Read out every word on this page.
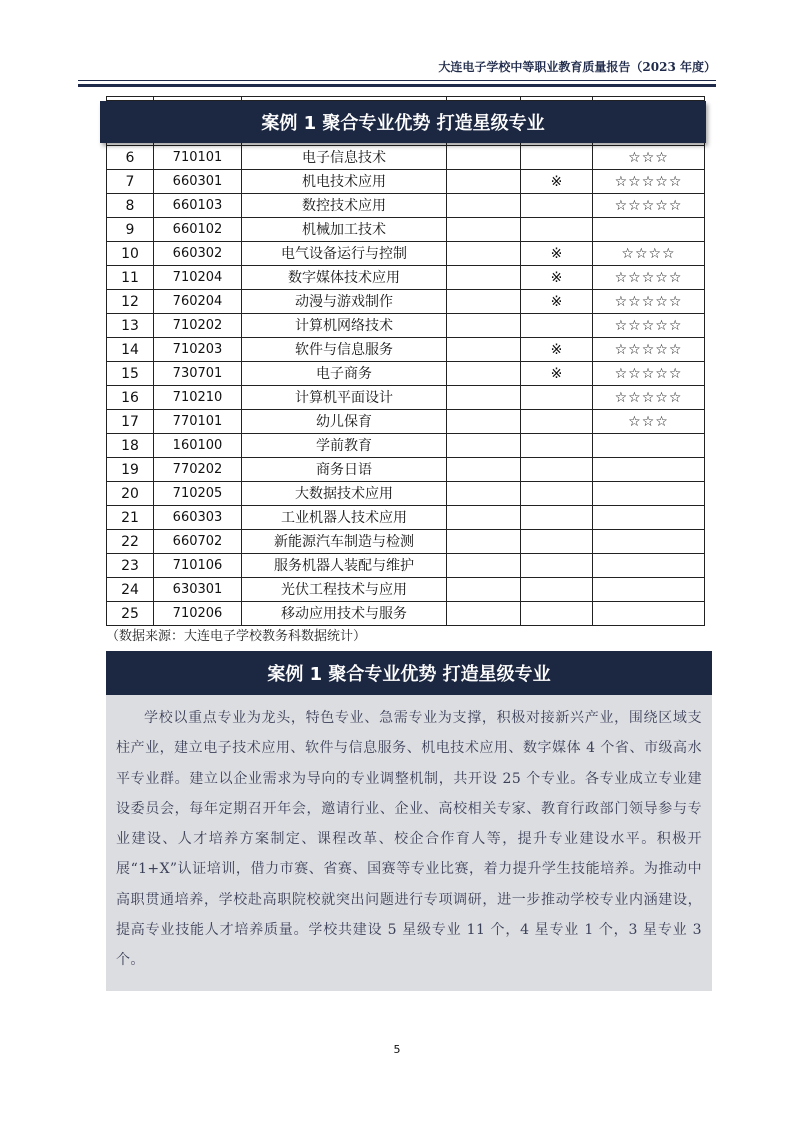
大连电子学校中等职业教育质量报告（2023 年度）

6	710101	电子信息技术			☆☆☆
7	660301	机电技术应用		※	☆☆☆☆☆
8	660103	数控技术应用			☆☆☆☆☆
9	660102	机械加工技术			
10	660302	电气设备运行与控制		※	☆☆☆☆
11	710204	数字媒体技术应用		※	☆☆☆☆☆
12	760204	动漫与游戏制作		※	☆☆☆☆☆
13	710202	计算机网络技术			☆☆☆☆☆
14	710203	软件与信息服务		※	☆☆☆☆☆
15	730701	电子商务		※	☆☆☆☆☆
16	710210	计算机平面设计			☆☆☆☆☆
17	770101	幼儿保育			☆☆☆
18	160100	学前教育			
19	770202	商务日语			
20	710205	大数据技术应用			
21	660303	工业机器人技术应用			
22	660702	新能源汽车制造与检测			
23	710106	服务机器人装配与维护			
24	630301	光伏工程技术与应用			
25	710206	移动应用技术与服务			
案例 1 聚合专业优势 打造星级专业
（数据来源：大连电子学校教务科数据统计）
案例 1 聚合专业优势 打造星级专业
学校以重点专业为龙头，特色专业、急需专业为支撑，积极对接新兴产业，围绕区域支柱产业，建立电子技术应用、软件与信息服务、机电技术应用、数字媒体 4 个省、市级高水平专业群。建立以企业需求为导向的专业调整机制，共开设 25 个专业。各专业成立专业建设委员会，每年定期召开年会，邀请行业、企业、高校相关专家、教育行政部门领导参与专业建设、人才培养方案制定、课程改革、校企合作育人等，提升专业建设水平。积极开展“1+X”认证培训，借力市赛、省赛、国赛等专业比赛，着力提升学生技能培养。为推动中高职贯通培养，学校赴高职院校就突出问题进行专项调研，进一步推动学校专业内涵建设，提高专业技能人才培养质量。学校共建设 5 星级专业 11 个，4 星专业 1 个，3 星专业 3 个。
5
